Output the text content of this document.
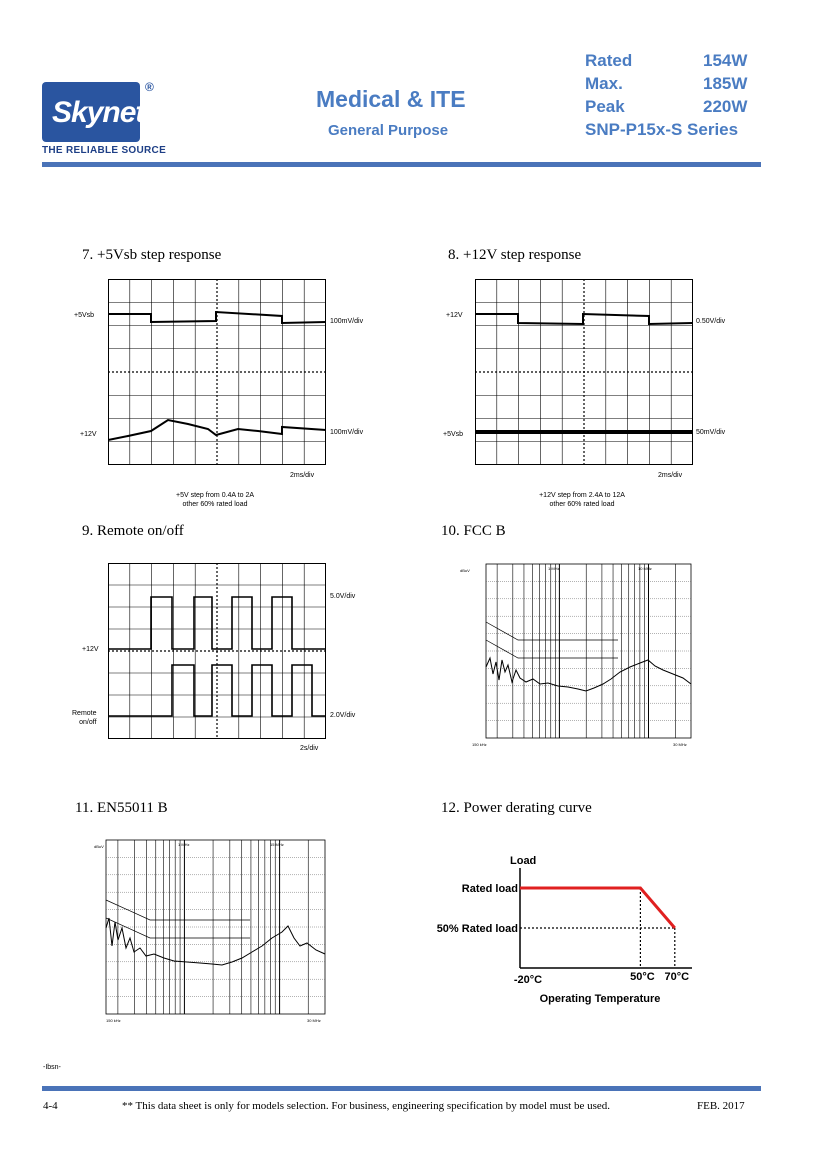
Skynet
®
THE RELIABLE SOURCE
Medical & ITE
General Purpose
Rated	154W
Max.	185W
Peak	220W
SNP-P15x-S Series
7. +5Vsb step response	8. +12V step response
9. Remote on/off	10. FCC B
11. EN55011 B	12. Power derating curve
+5Vsb
100mV/div
+12V	100mV/div
2ms/div
+5V step from 0.4A to 2A
other 60% rated load
+12V
0.50V/div
+5Vsb	50mV/div
2ms/div
+12V step from 2.4A to 12A
other 60% rated load
+12V
5.0V/div
Remote
on/off
2.0V/div
2s/div
dBuV
150 kHz	30 MHz
1 MHz	10 MHz
dBuV
150 kHz	30 MHz
1 MHz	15 MHz
Load
Operating Temperature
Rated load
50% Rated load
-20°C	50°C 70°C
-Ibsn-
4-4	** This data sheet is only for models selection. For business, engineering specification by model must be used.	FEB. 2017
